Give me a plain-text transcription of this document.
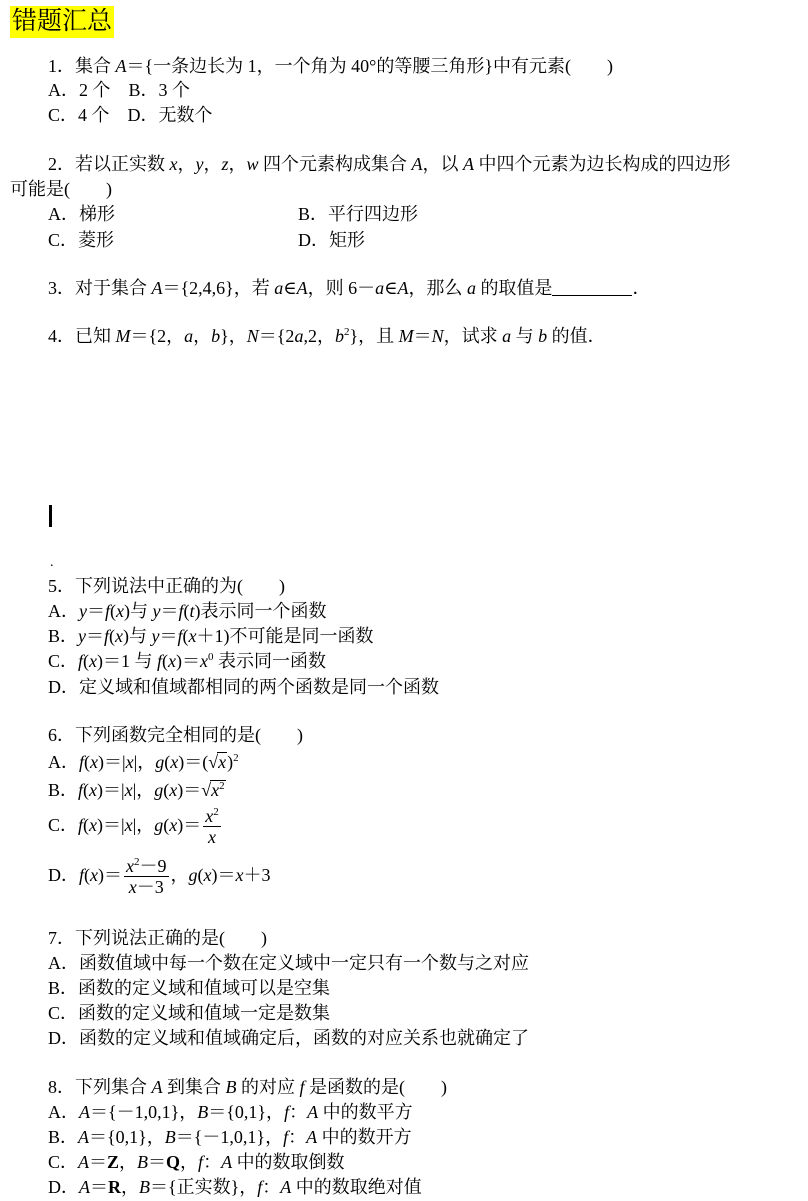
错题汇总
1．集合 A＝{一条边长为 1，一个角为 40°的等腰三角形}中有元素(　　)
A．2 个　B．3 个
C．4 个　D．无数个
2．若以正实数 x，y，z，w 四个元素构成集合 A，以 A 中四个元素为边长构成的四边形
可能是(　　)
A．梯形	B．平行四边形
C．菱形	D．矩形
3．对于集合 A＝{2,4,6}，若 a∈A，则 6－a∈A，那么 a 的取值是	．
4．已知 M＝{2，a，b}，N＝{2a,2，$b^2$}，且 M＝N，试求 a 与 b 的值．
.
5．下列说法中正确的为(　　)
A．y＝f(x)与 y＝f(t)表示同一个函数
B．y＝f(x)与 y＝f(x＋1)不可能是同一函数
C．f(x)＝1 与 $f(x)=x^0$ 表示同一函数
D．定义域和值域都相同的两个函数是同一个函数
6．下列函数完全相同的是(　　)
A．f(x)＝|x|，$g(x)=(√x)^2$
B．f(x)＝|x|，$g(x)=√x^2$
C．f(x)＝|x|，$g(x)= \frac{x^2}{x}$
D．$f(x)= \frac{x^2-9}{x-3}$ ，g(x)＝x＋3
7．下列说法正确的是(　　)
A．函数值域中每一个数在定义域中一定只有一个数与之对应
B．函数的定义域和值域可以是空集
C．函数的定义域和值域一定是数集
D．函数的定义域和值域确定后，函数的对应关系也就确定了
8．下列集合 A 到集合 B 的对应 f 是函数的是(　　)
A．A＝{－1,0,1}，B＝{0,1}，f：A 中的数平方
B．A＝{0,1}，B＝{－1,0,1}，f：A 中的数开方
C．A＝Z，B＝Q，f：A 中的数取倒数
D．A＝R，B＝{正实数}，f：A 中的数取绝对值
